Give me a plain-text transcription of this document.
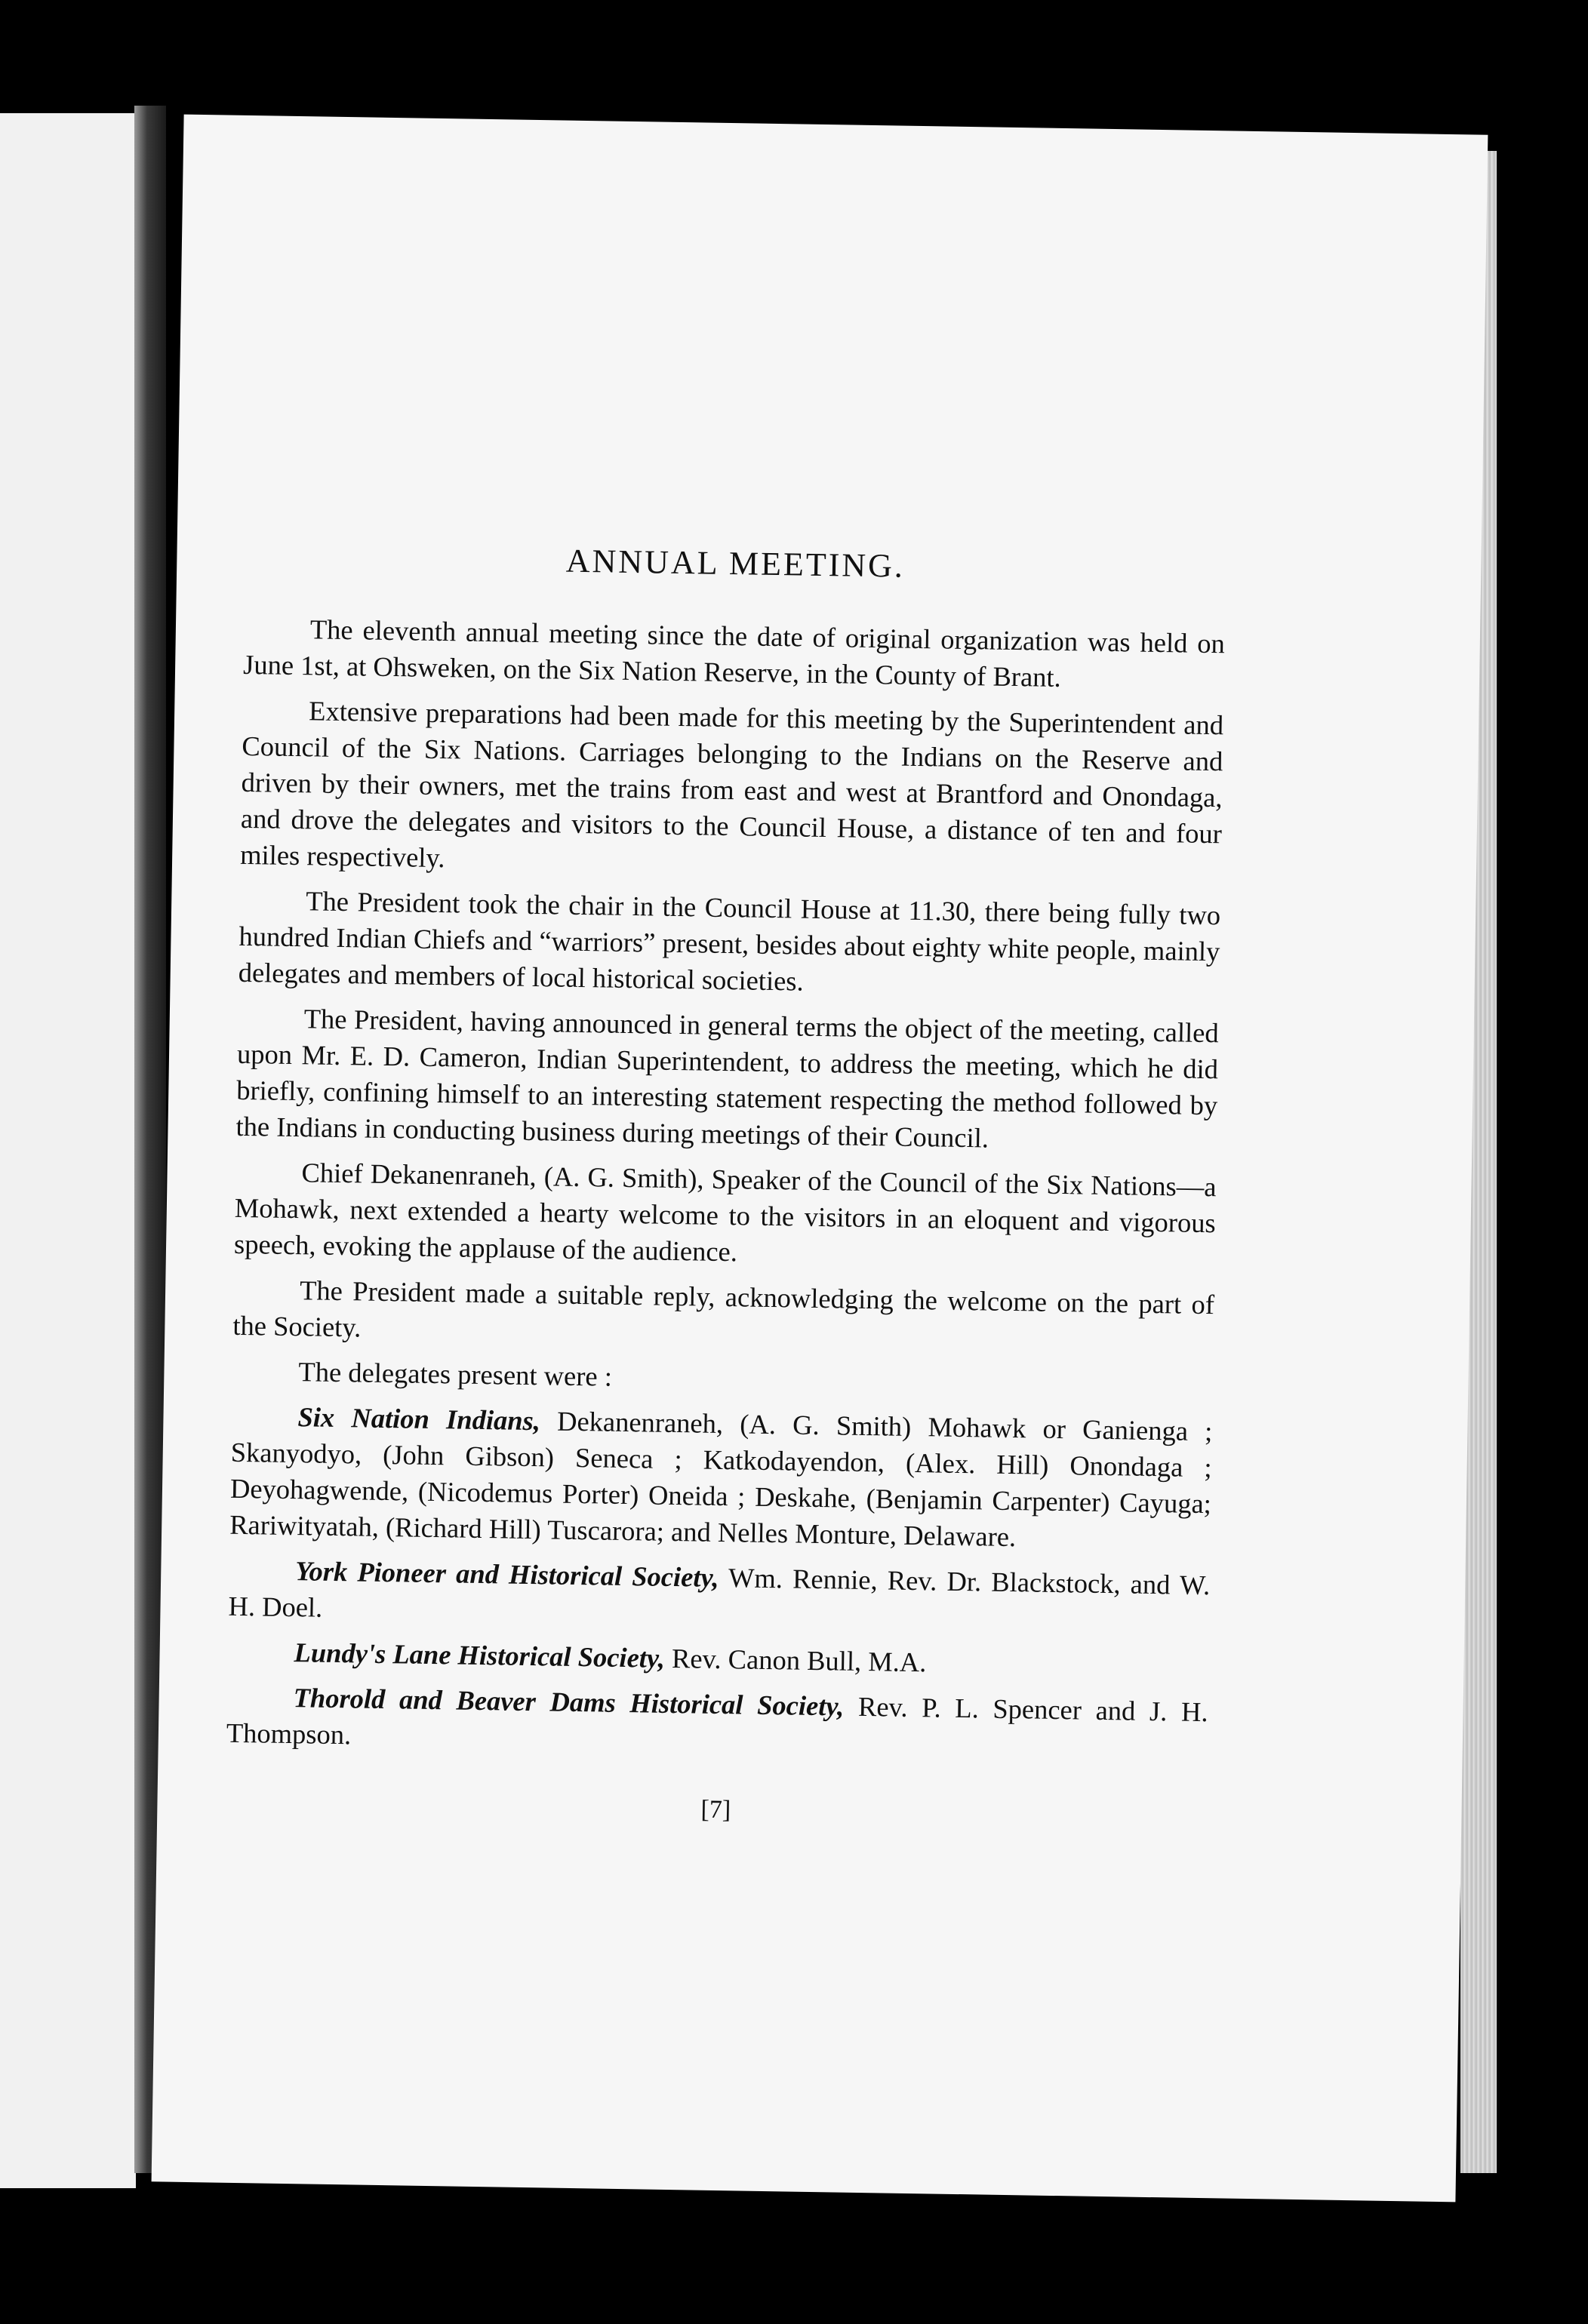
ANNUAL MEETING.

The eleventh annual meeting since the date of original organization was held on June 1st, at Ohsweken, on the Six Nation Reserve, in the County of Brant.

Extensive preparations had been made for this meeting by the Superintendent and Council of the Six Nations. Carriages belonging to the Indians on the Reserve and driven by their owners, met the trains from east and west at Brantford and Onondaga, and drove the delegates and visitors to the Council House, a distance of ten and four miles respectively.

The President took the chair in the Council House at 11.30, there being fully two hundred Indian Chiefs and “warriors” present, besides about eighty white people, mainly delegates and members of local historical societies.

The President, having announced in general terms the object of the meeting, called upon Mr. E. D. Cameron, Indian Superintendent, to address the meeting, which he did briefly, confining himself to an interesting statement respecting the method followed by the Indians in conducting business during meetings of their Council.

Chief Dekanenraneh, (A. G. Smith), Speaker of the Council of the Six Nations—a Mohawk, next extended a hearty welcome to the visitors in an eloquent and vigorous speech, evoking the applause of the audience.

The President made a suitable reply, acknowledging the welcome on the part of the Society.

The delegates present were :

Six Nation Indians, Dekanenraneh, (A. G. Smith) Mohawk or Ganienga ; Skanyodyo, (John Gibson) Seneca ; Katkodayendon, (Alex. Hill) Onondaga ; Deyohagwende, (Nicodemus Porter) Oneida ; Deskahe, (Benjamin Carpenter) Cayuga; Rariwityatah, (Richard Hill) Tuscarora; and Nelles Monture, Delaware.

York Pioneer and Historical Society, Wm. Rennie, Rev. Dr. Blackstock, and W. H. Doel.

Lundy's Lane Historical Society, Rev. Canon Bull, M.A.

Thorold and Beaver Dams Historical Society, Rev. P. L. Spencer and J. H. Thompson.

[7]
